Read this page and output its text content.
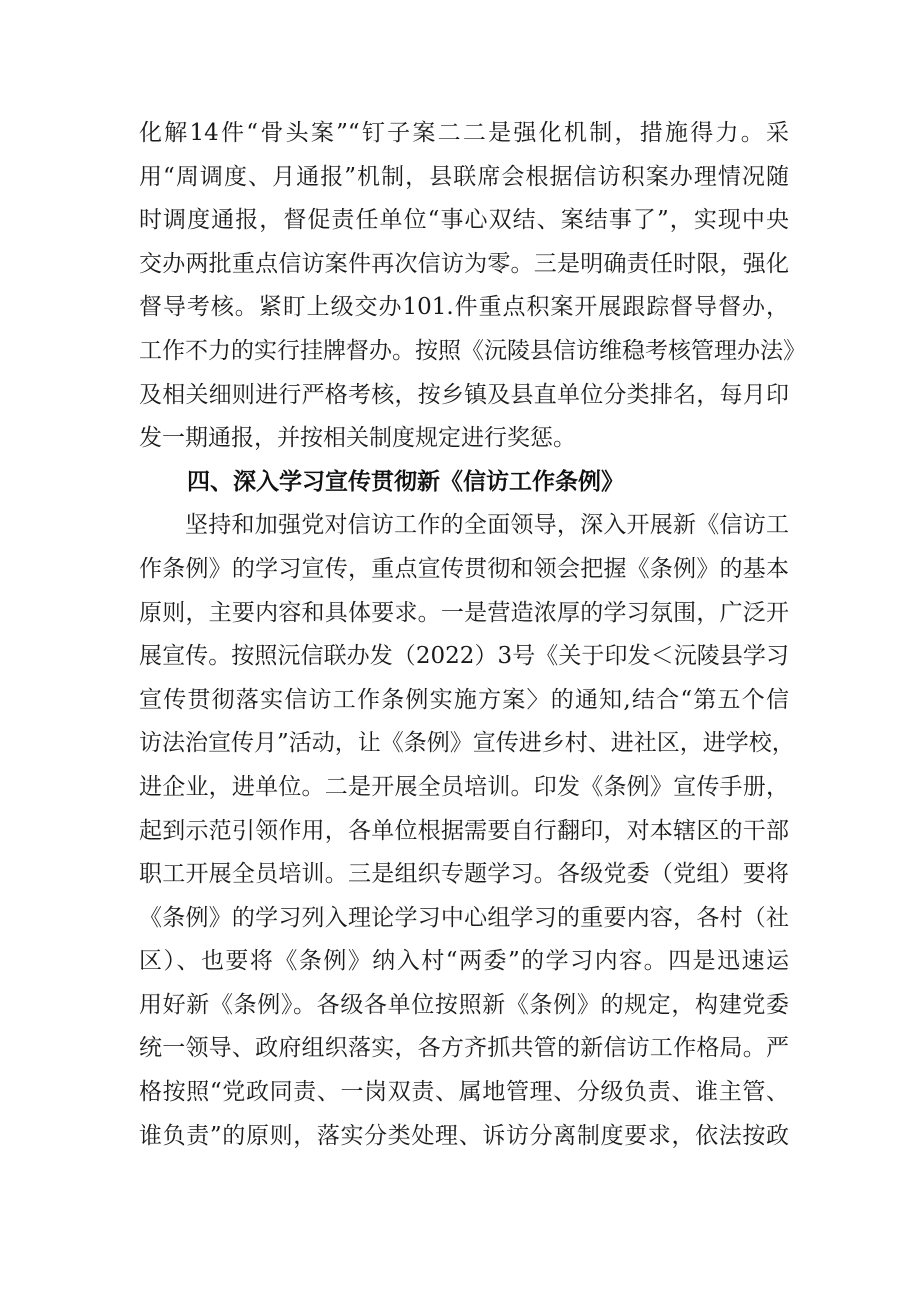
化解14件“骨头案”“钉子案二二是强化机制，措施得力。采
用“周调度、月通报”机制，县联席会根据信访积案办理情况随
时调度通报，督促责任单位“事心双结、案结事了”，实现中央
交办两批重点信访案件再次信访为零。三是明确责任时限，强化
督导考核。紧盯上级交办101.件重点积案开展跟踪督导督办，
工作不力的实行挂牌督办。按照《沅陵县信访维稳考核管理办法》
及相关细则进行严格考核，按乡镇及县直单位分类排名，每月印
发一期通报，并按相关制度规定进行奖惩。
四、深入学习宣传贯彻新《信访工作条例》
坚持和加强党对信访工作的全面领导，深入开展新《信访工
作条例》的学习宣传，重点宣传贯彻和领会把握《条例》的基本
原则，主要内容和具体要求。一是营造浓厚的学习氛围，广泛开
展宣传。按照沅信联办发（2022）3号《关于印发＜沅陵县学习
宣传贯彻落实信访工作条例实施方案〉的通知,结合“第五个信
访法治宣传月”活动，让《条例》宣传进乡村、进社区，进学校，
进企业，进单位。二是开展全员培训。印发《条例》宣传手册，
起到示范引领作用，各单位根据需要自行翻印，对本辖区的干部
职工开展全员培训。三是组织专题学习。各级党委（党组）要将
《条例》的学习列入理论学习中心组学习的重要内容，各村（社
区）、也要将《条例》纳入村“两委”的学习内容。四是迅速运
用好新《条例》。各级各单位按照新《条例》的规定，构建党委
统一领导、政府组织落实，各方齐抓共管的新信访工作格局。严
格按照“党政同责、一岗双责、属地管理、分级负责、谁主管、
谁负责”的原则，落实分类处理、诉访分离制度要求，依法按政
